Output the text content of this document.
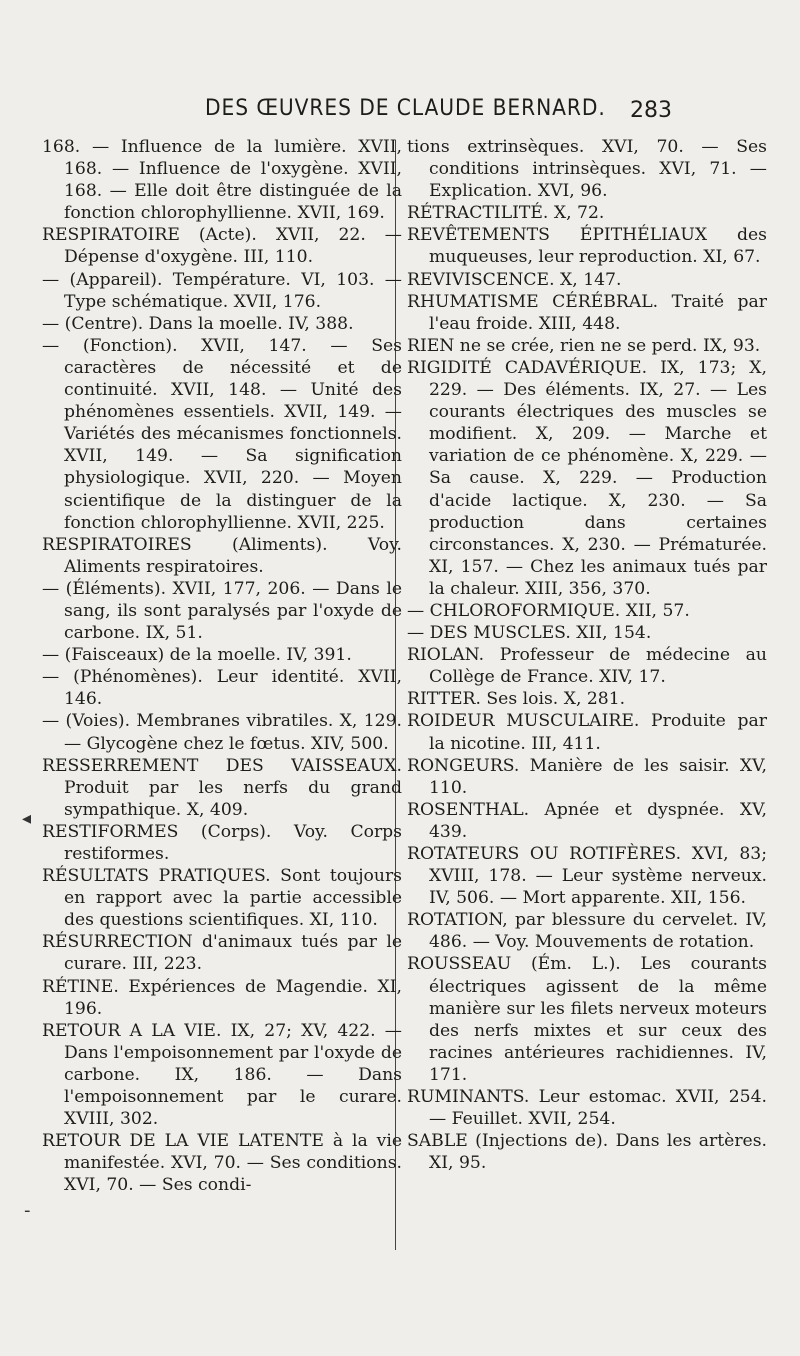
DES ŒUVRES DE CLAUDE BERNARD. 283
◂
-

168. — Influence de la lumière. XVII, 168. — Influence de l'oxygène. XVII, 168. — Elle doit être distinguée de la fonction chlorophyllienne. XVII, 169.

RESPIRATOIRE (Acte). XVII, 22. — Dépense d'oxygène. III, 110.

— (Appareil). Température. VI, 103. — Type schématique. XVII, 176.

— (Centre). Dans la moelle. IV, 388.

— (Fonction). XVII, 147. — Ses caractères de nécessité et de continuité. XVII, 148. — Unité des phénomènes essentiels. XVII, 149. — Variétés des mécanismes fonctionnels. XVII, 149. — Sa signification physiologique. XVII, 220. — Moyen scientifique de la distinguer de la fonction chlorophyllienne. XVII, 225.

RESPIRATOIRES (Aliments). Voy. Aliments respiratoires.

— (Éléments). XVII, 177, 206. — Dans le sang, ils sont paralysés par l'oxyde de carbone. IX, 51.

— (Faisceaux) de la moelle. IV, 391.

— (Phénomènes). Leur identité. XVII, 146.

— (Voies). Membranes vibratiles. X, 129. — Glycogène chez le fœtus. XIV, 500.

RESSERREMENT DES VAISSEAUX. Produit par les nerfs du grand sympathique. X, 409.

RESTIFORMES (Corps). Voy. Corps restiformes.

RÉSULTATS PRATIQUES. Sont toujours en rapport avec la partie accessible des questions scientifiques. XI, 110.

RÉSURRECTION d'animaux tués par le curare. III, 223.

RÉTINE. Expériences de Magendie. XI, 196.

RETOUR A LA VIE. IX, 27; XV, 422. — Dans l'empoisonnement par l'oxyde de carbone. IX, 186. — Dans l'empoisonnement par le curare. XVIII, 302.

RETOUR DE LA VIE LATENTE à la vie manifestée. XVI, 70. — Ses conditions. XVI, 70. — Ses condi-

tions extrinsèques. XVI, 70. — Ses conditions intrinsèques. XVI, 71. — Explication. XVI, 96.

RÉTRACTILITÉ. X, 72.

REVÊTEMENTS ÉPITHÉLIAUX des muqueuses, leur reproduction. XI, 67.

REVIVISCENCE. X, 147.

RHUMATISME CÉRÉBRAL. Traité par l'eau froide. XIII, 448.

RIEN ne se crée, rien ne se perd. IX, 93.

RIGIDITÉ CADAVÉRIQUE. IX, 173; X, 229. — Des éléments. IX, 27. — Les courants électriques des muscles se modifient. X, 209. — Marche et variation de ce phénomène. X, 229. — Sa cause. X, 229. — Production d'acide lactique. X, 230. — Sa production dans certaines circonstances. X, 230. — Prématurée. XI, 157. — Chez les animaux tués par la chaleur. XIII, 356, 370.

— CHLOROFORMIQUE. XII, 57.

— DES MUSCLES. XII, 154.

RIOLAN. Professeur de médecine au Collège de France. XIV, 17.

RITTER. Ses lois. X, 281.

ROIDEUR MUSCULAIRE. Produite par la nicotine. III, 411.

RONGEURS. Manière de les saisir. XV, 110.

ROSENTHAL. Apnée et dyspnée. XV, 439.

ROTATEURS OU ROTIFÈRES. XVI, 83; XVIII, 178. — Leur système nerveux. IV, 506. — Mort apparente. XII, 156.

ROTATION, par blessure du cervelet. IV, 486. — Voy. Mouvements de rotation.

ROUSSEAU (Ém. L.). Les courants électriques agissent de la même manière sur les filets nerveux moteurs des nerfs mixtes et sur ceux des racines antérieures rachidiennes. IV, 171.

RUMINANTS. Leur estomac. XVII, 254. — Feuillet. XVII, 254.

SABLE (Injections de). Dans les artères. XI, 95.
